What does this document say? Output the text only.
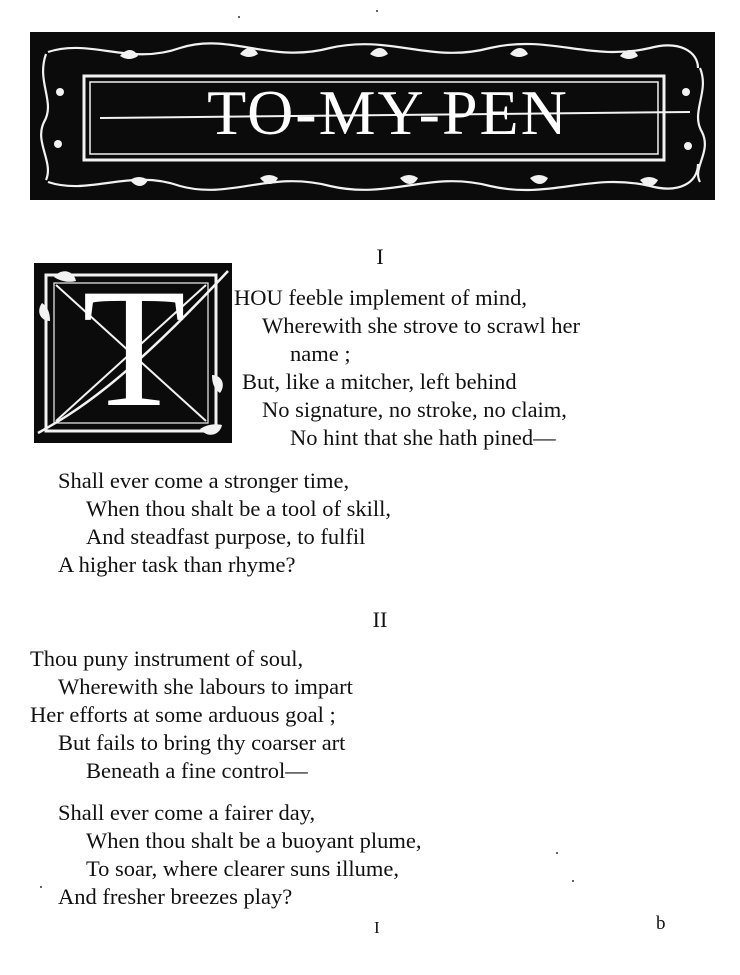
TO-MY-PEN
I
T	HOU feeble implement of mind,
Wherewith she strove to scrawl her
name ;
But, like a mitcher, left behind
No signature, no stroke, no claim,
No hint that she hath pined—
Shall ever come a stronger time,
When thou shalt be a tool of skill,
And steadfast purpose, to fulfil
A higher task than rhyme?
II
Thou puny instrument of soul,
Wherewith she labours to impart
Her efforts at some arduous goal ;
But fails to bring thy coarser art
Beneath a fine control—
Shall ever come a fairer day,
When thou shalt be a buoyant plume,
To soar, where clearer suns illume,
And fresher breezes play?
I	b
